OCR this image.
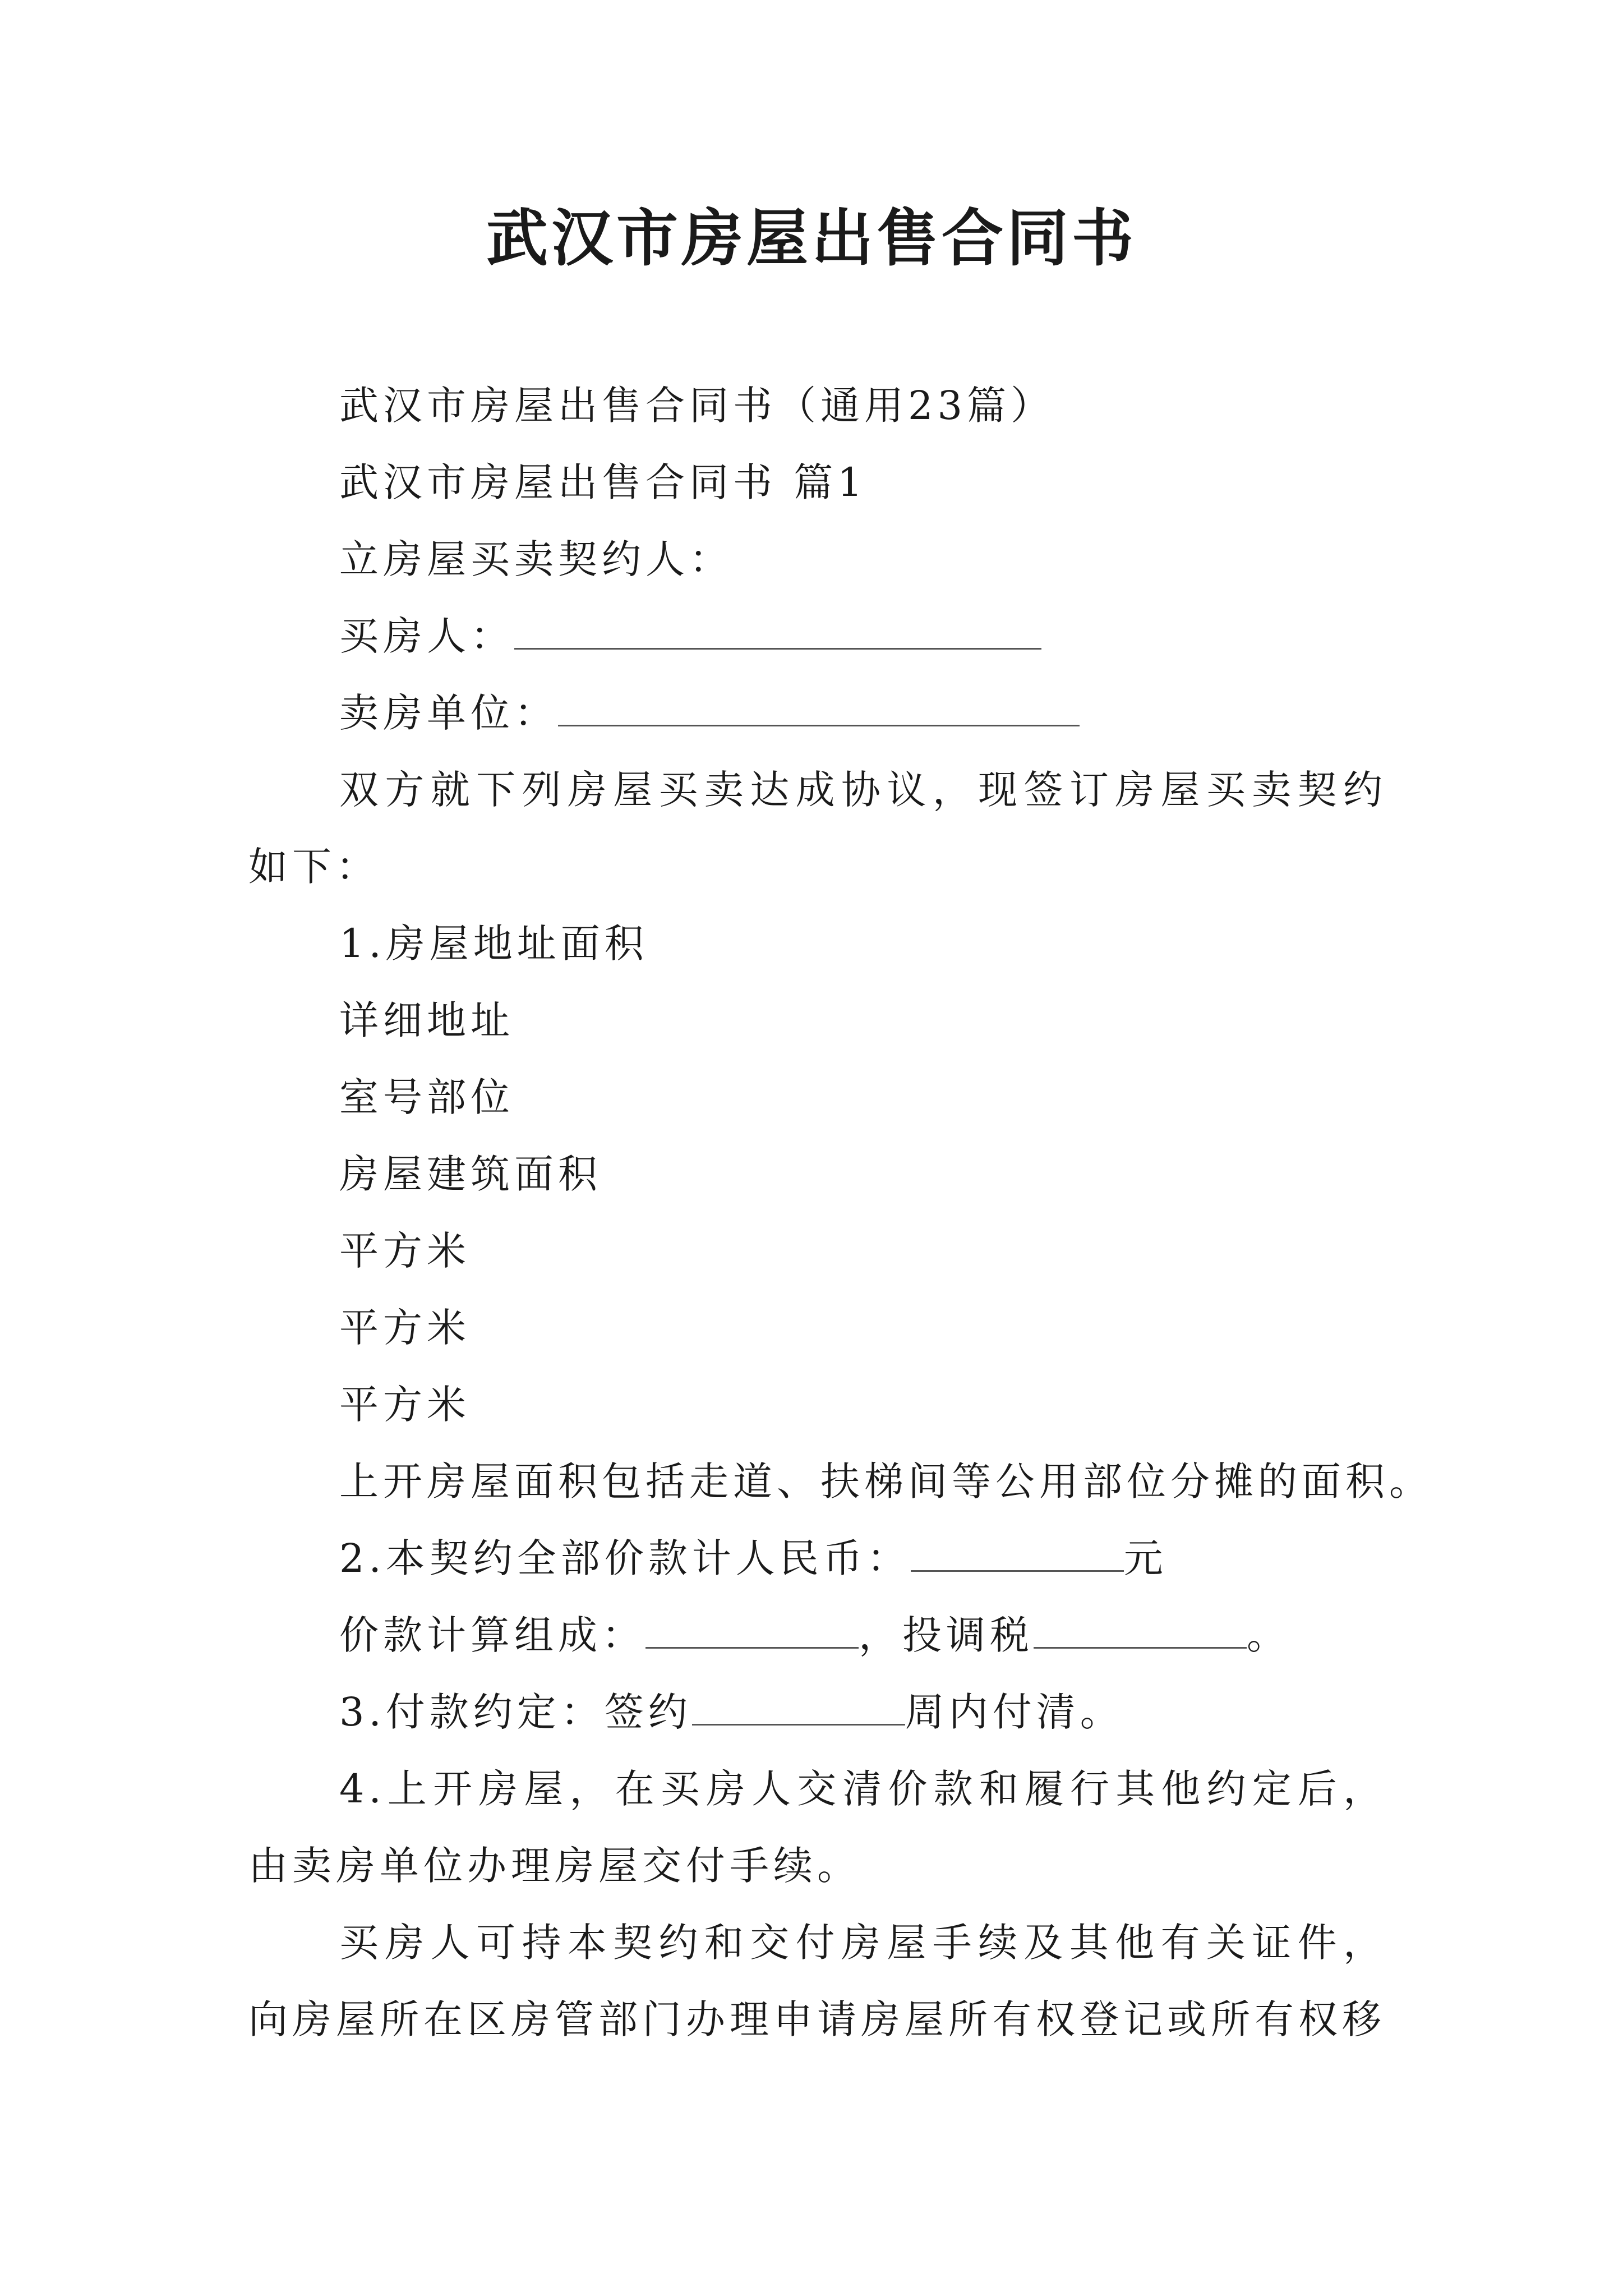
武汉市房屋出售合同书
武汉市房屋出售合同书（通用23篇）
武汉市房屋出售合同书 篇1
立房屋买卖契约人：
买房人：
卖房单位：
双方就下列房屋买卖达成协议，现签订房屋买卖契约如下：
1.房屋地址面积
详细地址
室号部位
房屋建筑面积
平方米
平方米
平方米
上开房屋面积包括走道、扶梯间等公用部位分摊的面积。
2.本契约全部价款计人民币：	元
价款计算组成：	，投调税	。
3.付款约定：签约	周内付清。
4.上开房屋，在买房人交清价款和履行其他约定后，由卖房单位办理房屋交付手续。
买房人可持本契约和交付房屋手续及其他有关证件，向房屋所在区房管部门办理申请房屋所有权登记或所有权移
